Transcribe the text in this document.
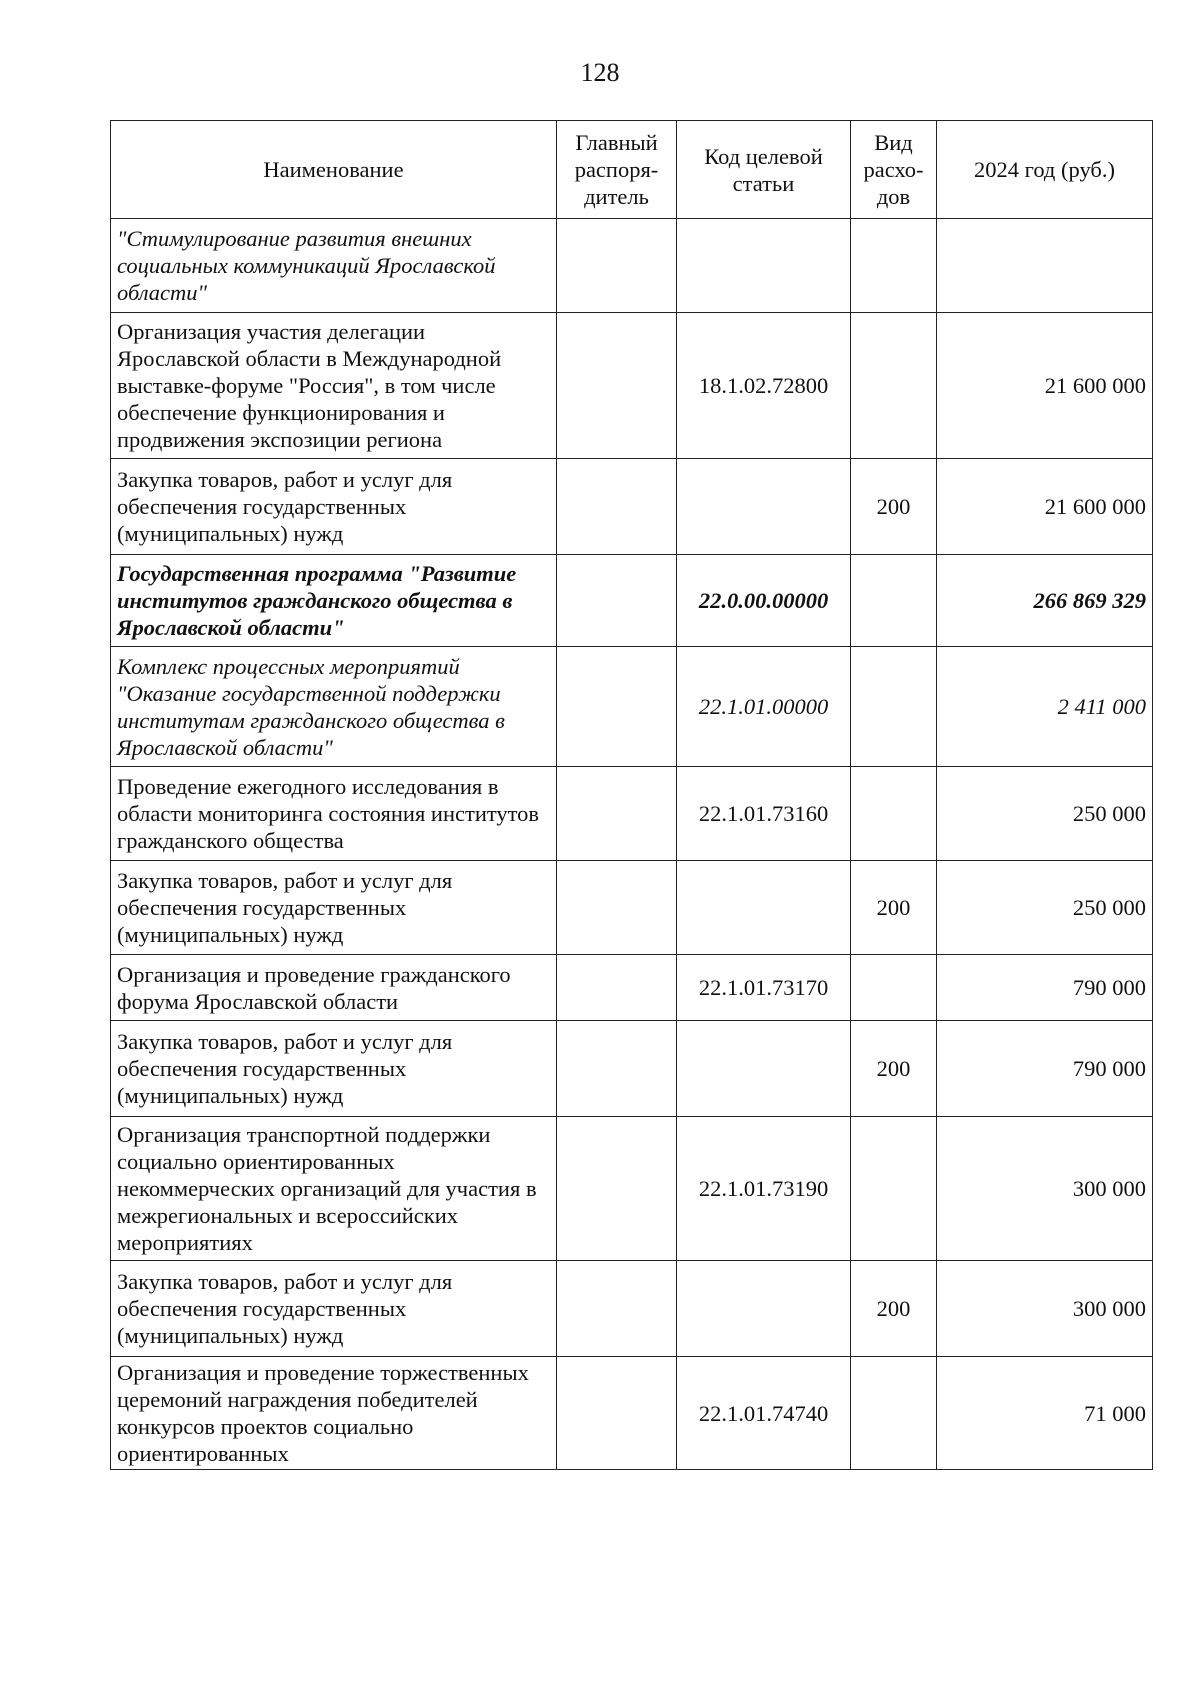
128
Наименование	Главный распоря-дитель	Код целевой статьи	Вид расхо-дов	2024 год (руб.)
"Стимулирование развития внешних социальных коммуникаций Ярославской области"				
Организация участия делегации Ярославской области в Международной выставке-форуме "Россия", в том числе обеспечение функционирования и продвижения экспозиции региона		18.1.02.72800		21 600 000
Закупка товаров, работ и услуг для обеспечения государственных (муниципальных) нужд			200	21 600 000
Государственная программа "Развитие институтов гражданского общества в Ярославской области"		22.0.00.00000		266 869 329
Комплекс процессных мероприятий "Оказание государственной поддержки институтам гражданского общества в Ярославской области"		22.1.01.00000		2 411 000
Проведение ежегодного исследования в области мониторинга состояния институтов гражданского общества		22.1.01.73160		250 000
Закупка товаров, работ и услуг для обеспечения государственных (муниципальных) нужд			200	250 000
Организация и проведение гражданского форума Ярославской области		22.1.01.73170		790 000
Закупка товаров, работ и услуг для обеспечения государственных (муниципальных) нужд			200	790 000
Организация транспортной поддержки социально ориентированных некоммерческих организаций для участия в межрегиональных и всероссийских мероприятиях		22.1.01.73190		300 000
Закупка товаров, работ и услуг для обеспечения государственных (муниципальных) нужд			200	300 000
Организация и проведение торжественных церемоний награждения победителей конкурсов проектов социально ориентированных		22.1.01.74740		71 000
